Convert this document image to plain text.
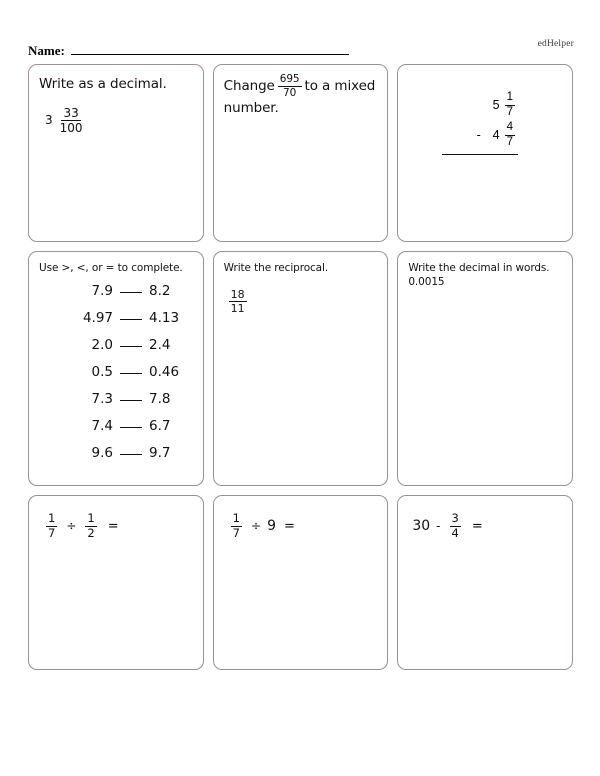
edHelper
Name:
Write as a decimal.
$3 \frac{33}{100}$
Change $\frac{695}{70}$ to a mixed
number.	$5 \frac{1}{7}$
- $4 \frac{4}{7}$
Use >, <, or = to complete.
7.9	8.2
4.97	4.13
2.0	2.4
0.5	0.46
7.3	7.8
7.4	6.7
9.6	9.7
Write the reciprocal.
$\frac{18}{11}$
Write the decimal in words.
0.0015
$\frac{1}{7} \div \frac{1}{2}$ =	$\frac{1}{7} \div 9$ =	$30 - \frac{3}{4}$ =
